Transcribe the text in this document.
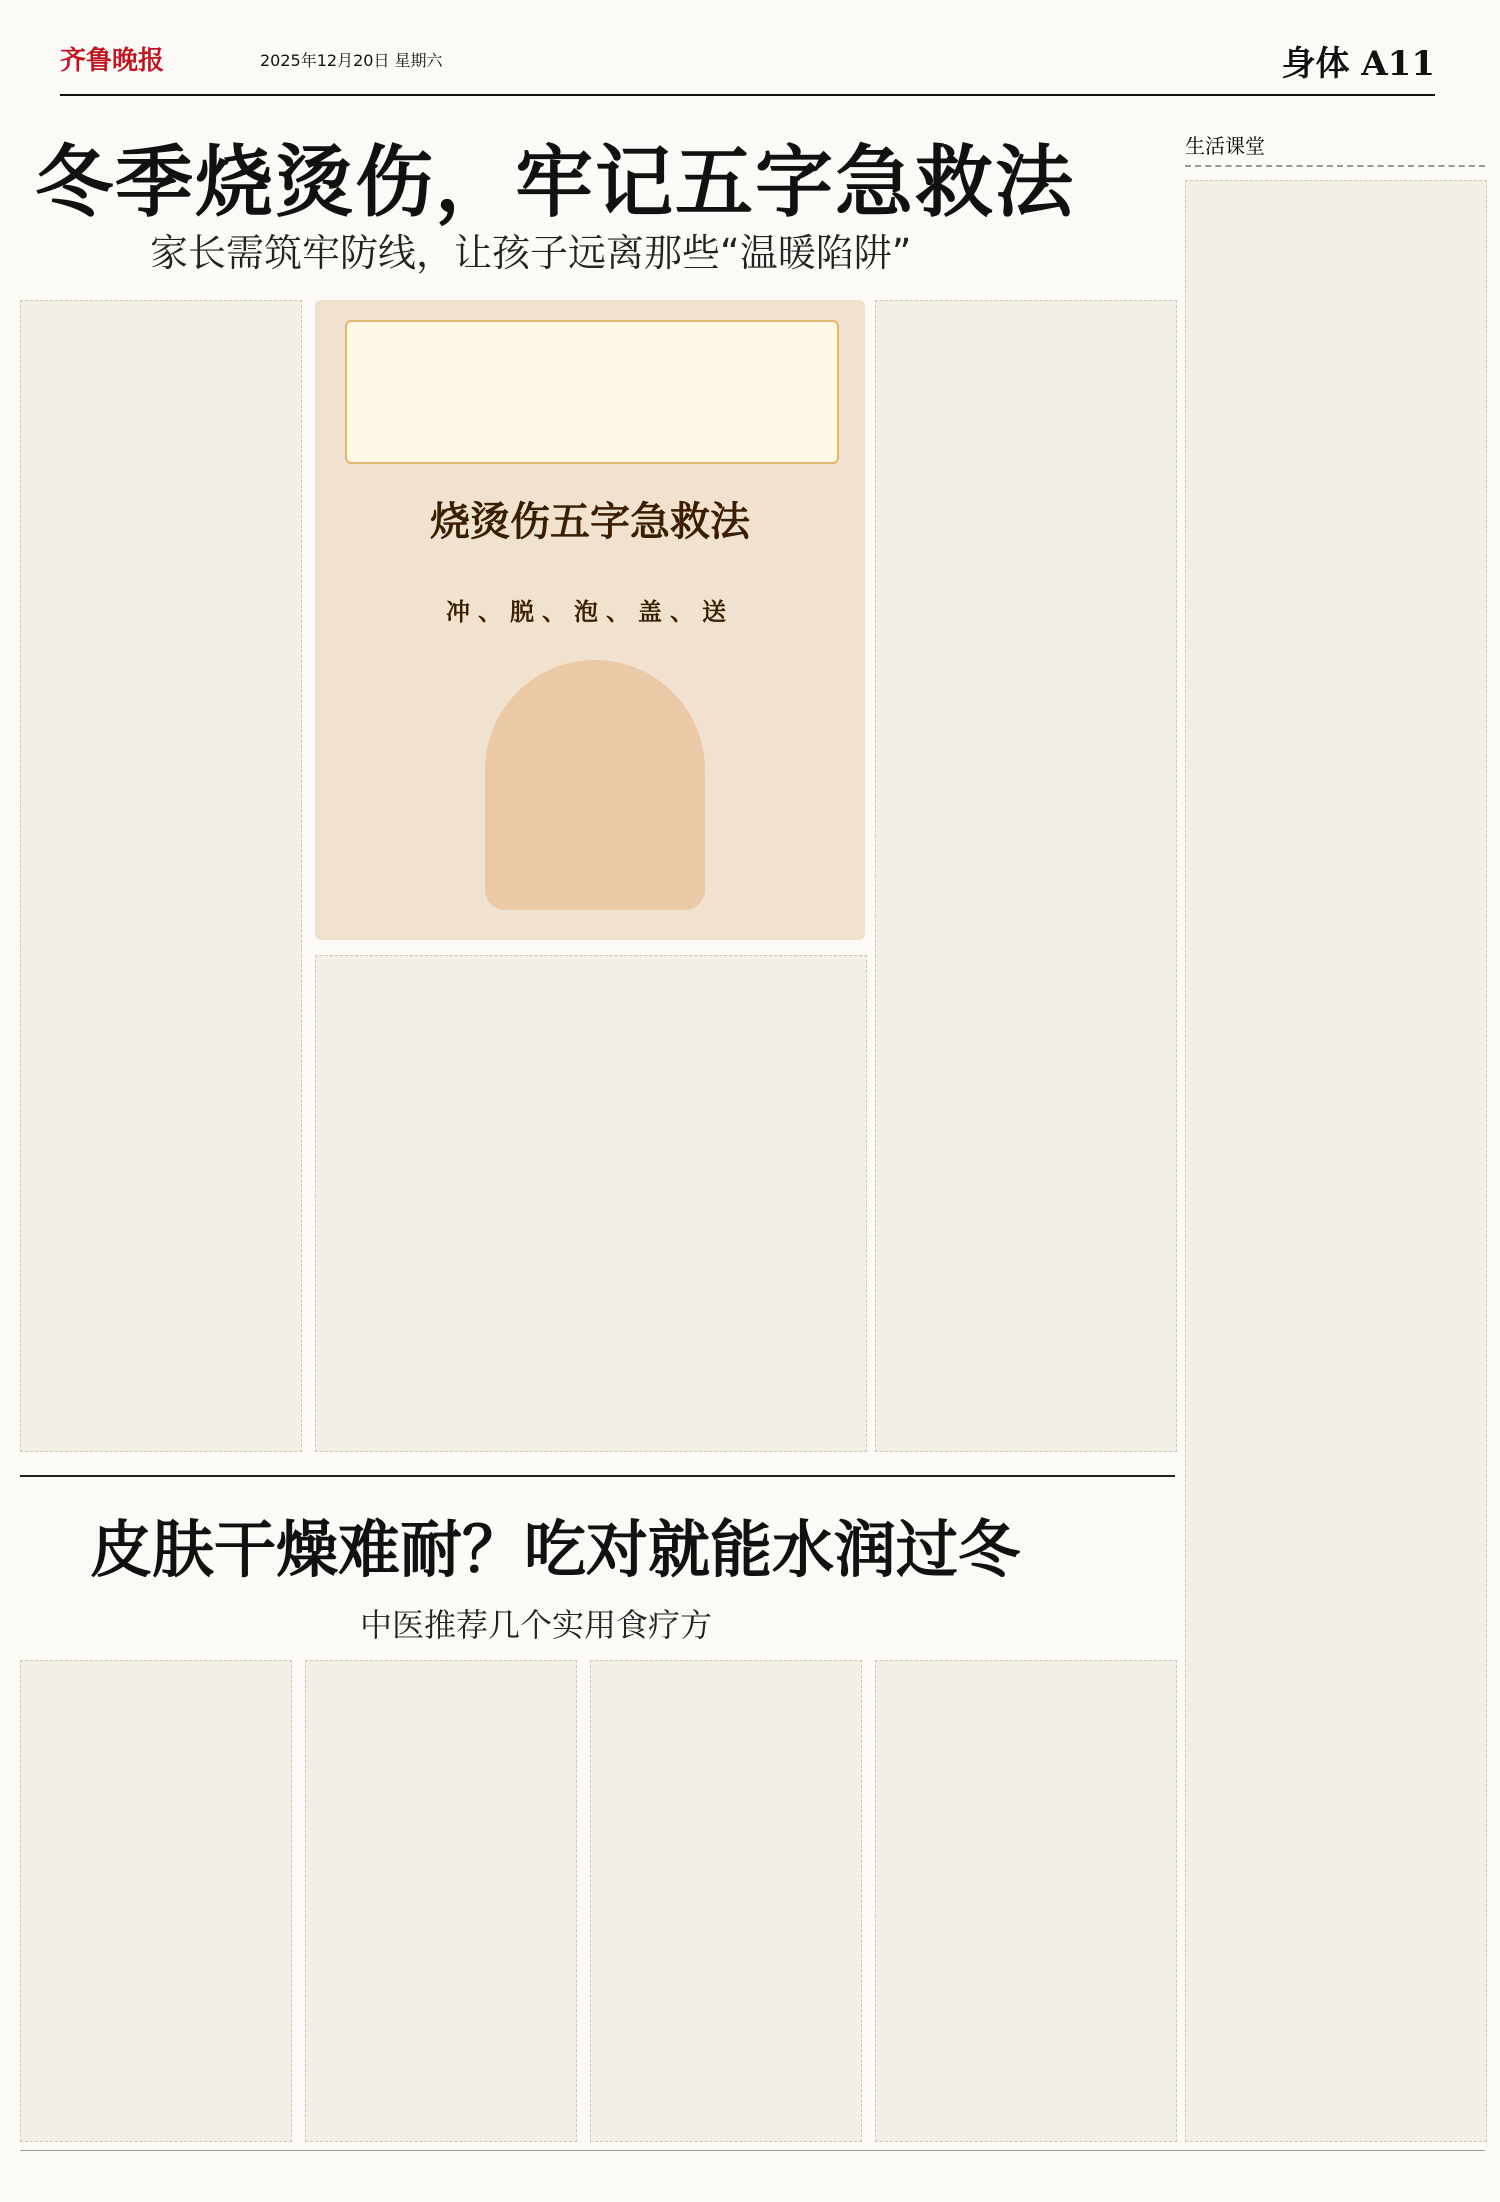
齐鲁晚报	2025年12月20日 星期六	身体 A11
冬季烧烫伤，牢记五字急救法
家长需筑牢防线，让孩子远离那些“温暖陷阱”
烧烫伤五字急救法
冲、脱、泡、盖、送
皮肤干燥难耐？吃对就能水润过冬
中医推荐几个实用食疗方
生活课堂
